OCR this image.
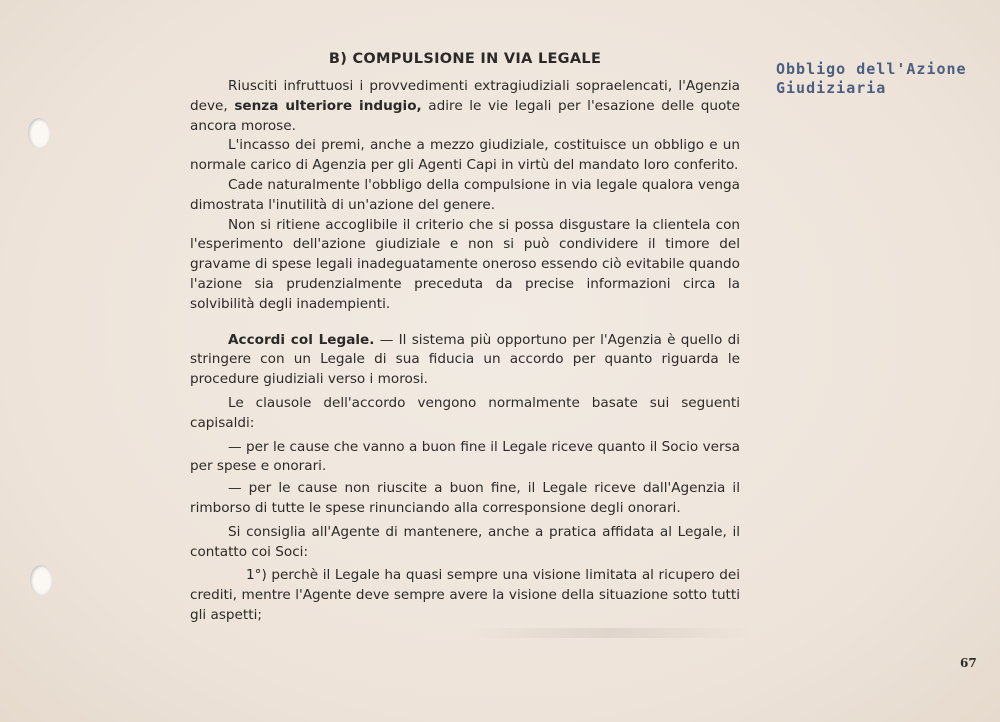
B) COMPULSIONE IN VIA LEGALE
Obbligo dell'Azione
Giudiziaria

Riusciti infruttuosi i provvedimenti extragiudiziali sopraelencati, l'Agenzia deve, senza ulteriore indugio, adire le vie legali per l'esazione delle quote ancora morose.

L'incasso dei premi, anche a mezzo giudiziale, costituisce un obbligo e un normale carico di Agenzia per gli Agenti Capi in virtù del mandato loro conferito.

Cade naturalmente l'obbligo della compulsione in via legale qualora venga dimostrata l'inutilità di un'azione del genere.

Non si ritiene accoglibile il criterio che si possa disgustare la clientela con l'esperimento dell'azione giudiziale e non si può condividere il timore del gravame di spese legali inadeguatamente oneroso essendo ciò evitabile quando l'azione sia prudenzialmente preceduta da precise informazioni circa la solvibilità degli inadempienti.

Accordi col Legale. — Il sistema più opportuno per l'Agenzia è quello di stringere con un Legale di sua fiducia un accordo per quanto riguarda le procedure giudiziali verso i morosi.

Le clausole dell'accordo vengono normalmente basate sui seguenti capisaldi:

— per le cause che vanno a buon fine il Legale riceve quanto il Socio versa per spese e onorari.

— per le cause non riuscite a buon fine, il Legale riceve dall'Agenzia il rimborso di tutte le spese rinunciando alla corresponsione degli onorari.

Si consiglia all'Agente di mantenere, anche a pratica affidata al Legale, il contatto coi Soci:

1°) perchè il Legale ha quasi sempre una visione limitata al ricupero dei crediti, mentre l'Agente deve sempre avere la visione della situazione sotto tutti gli aspetti;

67
